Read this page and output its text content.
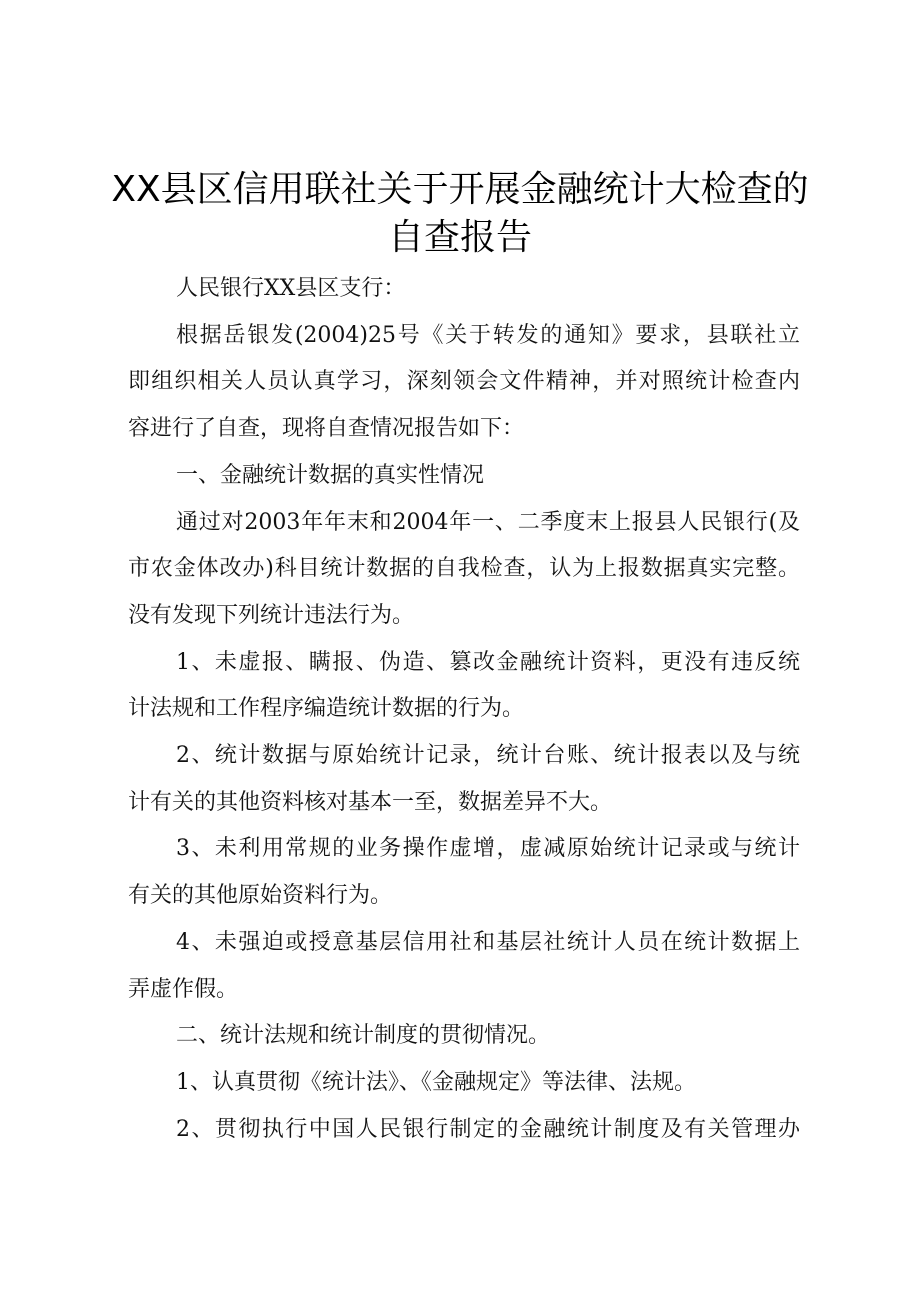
XX县区信用联社关于开展金融统计大检查的
自查报告
人民银行XX县区支行：
根据岳银发(2004)25号《关于转发的通知》要求，县联社立
即组织相关人员认真学习，深刻领会文件精神，并对照统计检查内
容进行了自查，现将自查情况报告如下：
一、金融统计数据的真实性情况
通过对2003年年末和2004年一、二季度末上报县人民银行(及
市农金体改办)科目统计数据的自我检查，认为上报数据真实完整。
没有发现下列统计违法行为。
1、未虚报、瞒报、伪造、篡改金融统计资料，更没有违反统
计法规和工作程序编造统计数据的行为。
2、统计数据与原始统计记录，统计台账、统计报表以及与统
计有关的其他资料核对基本一至，数据差异不大。
3、未利用常规的业务操作虚增，虚减原始统计记录或与统计
有关的其他原始资料行为。
4、未强迫或授意基层信用社和基层社统计人员在统计数据上
弄虚作假。
二、统计法规和统计制度的贯彻情况。
1、认真贯彻《统计法》、《金融规定》等法律、法规。
2、贯彻执行中国人民银行制定的金融统计制度及有关管理办
